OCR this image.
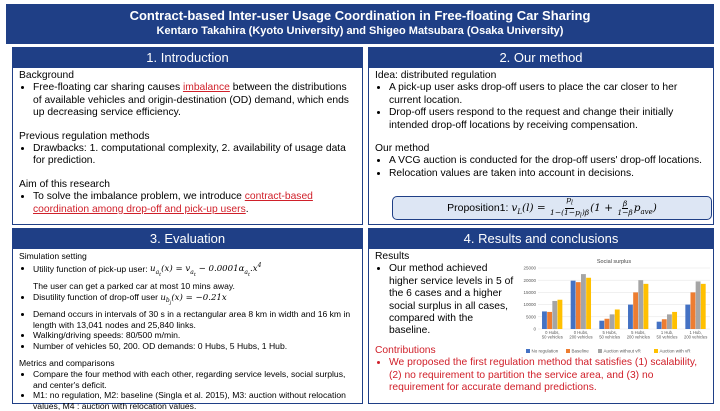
Contract-based Inter-user Usage Coordination in Free-floating Car Sharing
Kentaro Takahira (Kyoto University) and Shigeo Matsubara (Osaka University)
1. Introduction

Background

• Free-floating car sharing causes imbalance between the distributions of available vehicles and origin-destination (OD) demand, which ends up decreasing service efficiency.

Previous regulation methods

• Drawbacks: 1. computational complexity, 2. availability of usage data for prediction.

Aim of this research

• To solve the imbalance problem, we introduce contract-based coordination among drop-off and pick-up users.
2. Our method

Idea: distributed regulation

• A pick-up user asks drop-off users to place the car closer to her current location.
• Drop-off users respond to the request and change their initially intended drop-off locations by receiving compensation.

Our method

• A VCG auction is conducted for the drop-off users' drop-off locations.
• Relocation values are taken into account in decisions.
Proposition1: $v_L(l) = \frac{p_l}{1-(1-p_l)\beta} (1 + \frac{\beta}{1-\beta} p_{ave})$
3. Evaluation

Simulation setting

• Utility function of pick-up user: $u_{a_t}(x) = v_{a_t} - 0.0001\alpha_{a_t}.x^4$
The user can get a parked car at most 10 mins away.
• Disutility function of drop-off user $u_{b_j}(x) = -0.21x$
• Demand occurs in intervals of 30 s in a rectangular area 8 km in width and 16 km in length with 13,041 nodes and 25,840 links.
• Walking/driving speeds: 80/500 m/min.
• Number of vehicles 50, 200. OD demands: 0 Hubs, 5 Hubs, 1 Hub.

Metrics and comparisons

• Compare the four method with each other, regarding service levels, social surplus, and center's deficit.
• M1: no regulation, M2: baseline (Singla et al. 2015), M3: auction without relocation values, M4 : auction with relocation values.
4. Results and conclusions

Results

• Our method achieved higher service levels in 5 of the 6 cases and a higher social surplus in all cases, compared with the baseline.

Contributions

• We proposed the first regulation method that satisfies (1) scalability, (2) no requirement to partition the service area, and (3) no requirement for accurate demand predictions.
Social surplus
0
5000
10000
15000
20000
25000
0 Hubs,
50 vehicles
0 Hubs,
200 vehicles
5 Hubs,
50 vehicles
5 Hubs,
200 vehicles
1 Hub,
50 vehicles
1 Hub,
200 vehicles
No regulation	Baseline	Auction without vR	Auction with vR
